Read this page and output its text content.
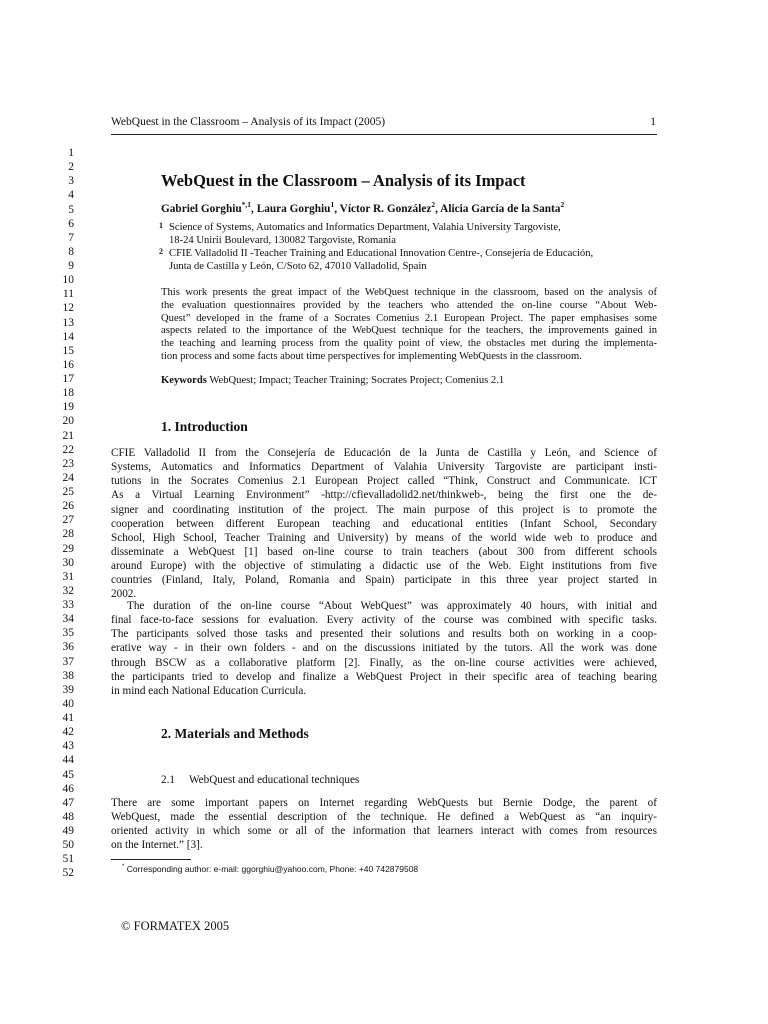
WebQuest in the Classroom – Analysis of its Impact (2005)	1
1
2
3
4
5
6
7
8
9
10
11
12
13
14
15
16
17
18
19
20
21
22
23
24
25
26
27
28
29
30
31
32
33
34
35
36
37
38
39
40
41
42
43
44
45
46
47
48
49
50
51
52
WebQuest in the Classroom – Analysis of its Impact
Gabriel Gorghiu$^{*,1}$, Laura Gorghiu$^1$, Víctor R. González$^2$, Alicia García de la Santa$^2$
1 Science of Systems, Automatics and Informatics Department, Valahia University Targoviste,
18-24 Unirii Boulevard, 130082 Targoviste, Romania
2 CFIE Valladolid II -Teacher Training and Educational Innovation Centre-, Consejería de Educación,
Junta de Castilla y León, C/Soto 62, 47010 Valladolid, Spain
This work presents the great impact of the WebQuest technique in the classroom, based on the analysis of
the evaluation questionnaires provided by the teachers who attended the on-line course “About Web-
Quest” developed in the frame of a Socrates Comenius 2.1 European Project. The paper emphasises some
aspects related to the importance of the WebQuest technique for the teachers, the improvements gained in
the teaching and learning process from the quality point of view, the obstacles met during the implementa-
tion process and some facts about time perspectives for implementing WebQuests in the classroom.
Keywords WebQuest; Impact; Teacher Training; Socrates Project; Comenius 2.1
1. Introduction
CFIE Valladolid II from the Consejería de Educación de la Junta de Castilla y León, and Science of
Systems, Automatics and Informatics Department of Valahia University Targoviste are participant insti-
tutions in the Socrates Comenius 2.1 European Project called “Think, Construct and Communicate. ICT
As a Virtual Learning Environment” -http://cfievalladolid2.net/thinkweb-, being the first one the de-
signer and coordinating institution of the project. The main purpose of this project is to promote the
cooperation between different European teaching and educational entities (Infant School, Secondary
School, High School, Teacher Training and University) by means of the world wide web to produce and
disseminate a WebQuest [1] based on-line course to train teachers (about 300 from different schools
around Europe) with the objective of stimulating a didactic use of the Web. Eight institutions from five
countries (Finland, Italy, Poland, Romania and Spain) participate in this three year project started in
2002.
The duration of the on-line course “About WebQuest” was approximately 40 hours, with initial and
final face-to-face sessions for evaluation. Every activity of the course was combined with specific tasks.
The participants solved those tasks and presented their solutions and results both on working in a coop-
erative way - in their own folders - and on the discussions initiated by the tutors. All the work was done
through BSCW as a collaborative platform [2]. Finally, as the on-line course activities were achieved,
the participants tried to develop and finalize a WebQuest Project in their specific area of teaching bearing
in mind each National Education Curricula.
2. Materials and Methods
2.1 WebQuest and educational techniques
There are some important papers on Internet regarding WebQuests but Bernie Dodge, the parent of
WebQuest, made the essential description of the technique. He defined a WebQuest as “an inquiry-
oriented activity in which some or all of the information that learners interact with comes from resources
on the Internet.” [3].
* Corresponding author: e-mail: ggorghiu@yahoo.com, Phone: +40 742879508
© FORMATEX 2005
